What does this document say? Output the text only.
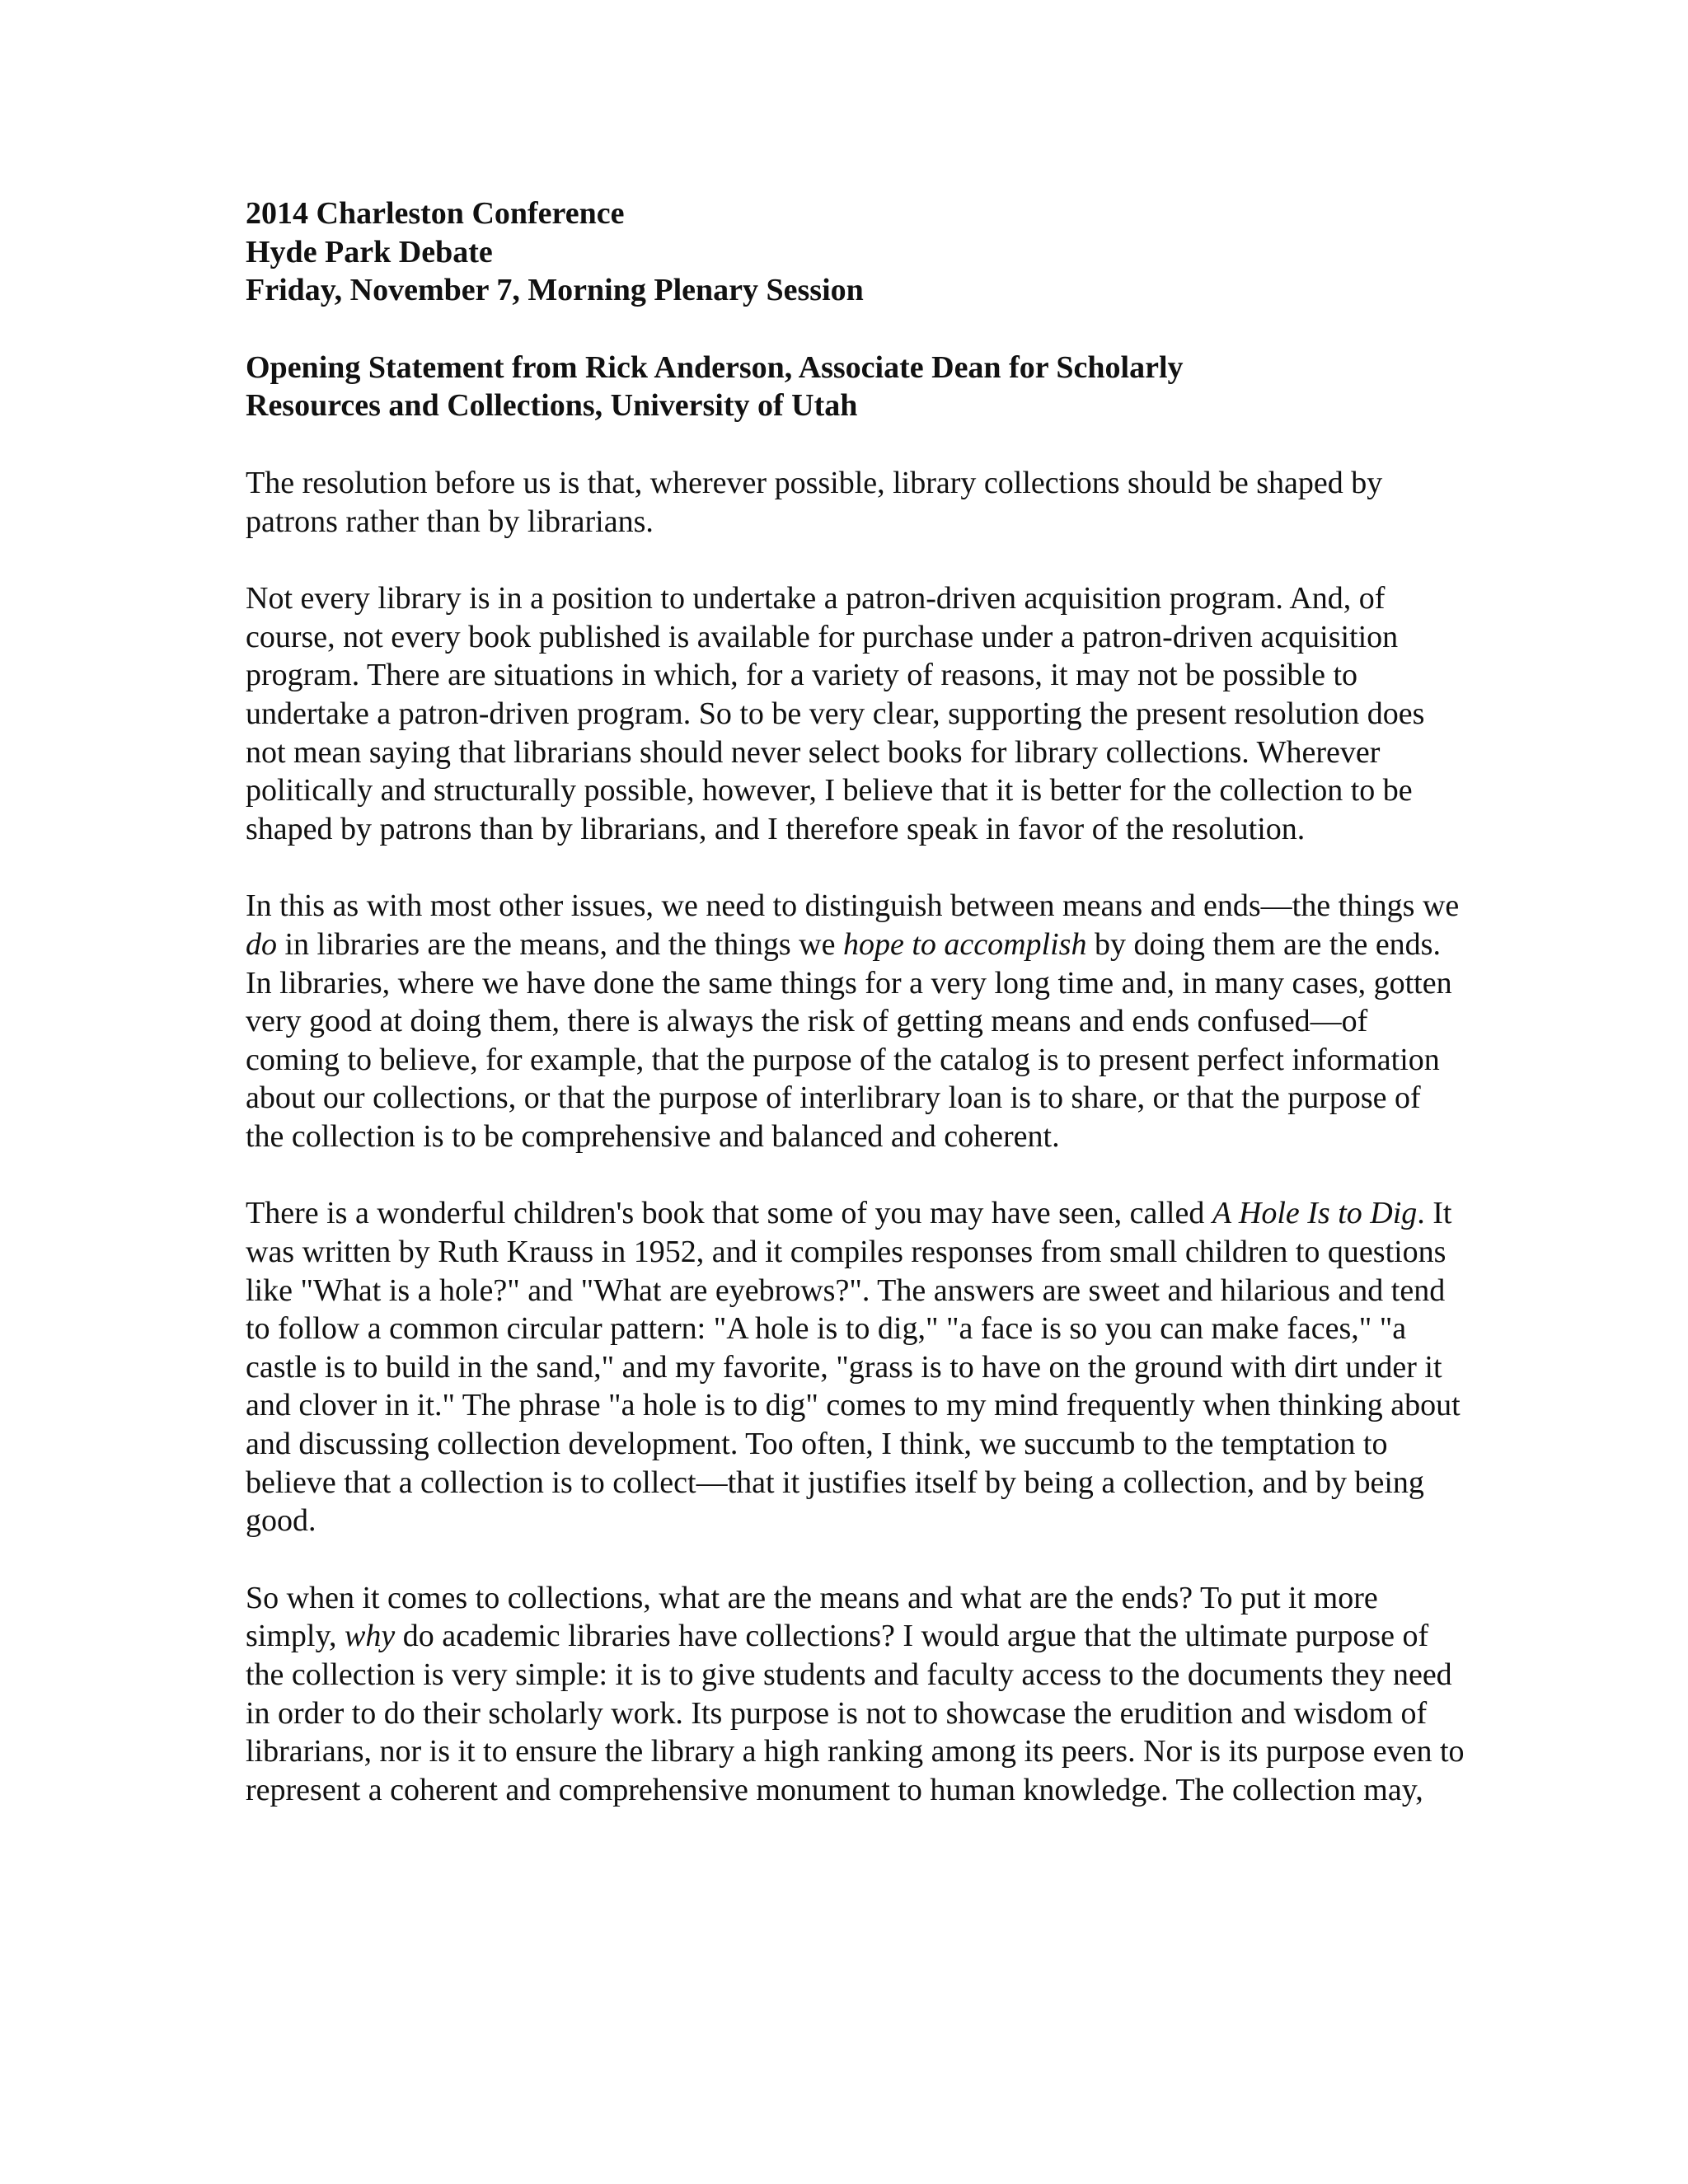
2014 Charleston Conference
Hyde Park Debate
Friday, November 7, Morning Plenary Session
Opening Statement from Rick Anderson, Associate Dean for Scholarly
Resources and Collections, University of Utah

The resolution before us is that, wherever possible, library collections should be shaped by patrons rather than by librarians.

Not every library is in a position to undertake a patron-driven acquisition program. And, of course, not every book published is available for purchase under a patron-driven acquisition program. There are situations in which, for a variety of reasons, it may not be possible to undertake a patron-driven program. So to be very clear, supporting the present resolution does not mean saying that librarians should never select books for library collections. Wherever politically and structurally possible, however, I believe that it is better for the collection to be shaped by patrons than by librarians, and I therefore speak in favor of the resolution.

In this as with most other issues, we need to distinguish between means and ends—the things we do in libraries are the means, and the things we hope to accomplish by doing them are the ends. In libraries, where we have done the same things for a very long time and, in many cases, gotten very good at doing them, there is always the risk of getting means and ends confused—of coming to believe, for example, that the purpose of the catalog is to present perfect information about our collections, or that the purpose of interlibrary loan is to share, or that the purpose of the collection is to be comprehensive and balanced and coherent.

There is a wonderful children's book that some of you may have seen, called A Hole Is to Dig. It was written by Ruth Krauss in 1952, and it compiles responses from small children to questions like "What is a hole?" and "What are eyebrows?". The answers are sweet and hilarious and tend to follow a common circular pattern: "A hole is to dig," "a face is so you can make faces," "a castle is to build in the sand," and my favorite, "grass is to have on the ground with dirt under it and clover in it." The phrase "a hole is to dig" comes to my mind frequently when thinking about and discussing collection development. Too often, I think, we succumb to the temptation to believe that a collection is to collect—that it justifies itself by being a collection, and by being good.

So when it comes to collections, what are the means and what are the ends? To put it more simply, why do academic libraries have collections? I would argue that the ultimate purpose of the collection is very simple: it is to give students and faculty access to the documents they need in order to do their scholarly work. Its purpose is not to showcase the erudition and wisdom of librarians, nor is it to ensure the library a high ranking among its peers. Nor is its purpose even to represent a coherent and comprehensive monument to human knowledge. The collection may,
